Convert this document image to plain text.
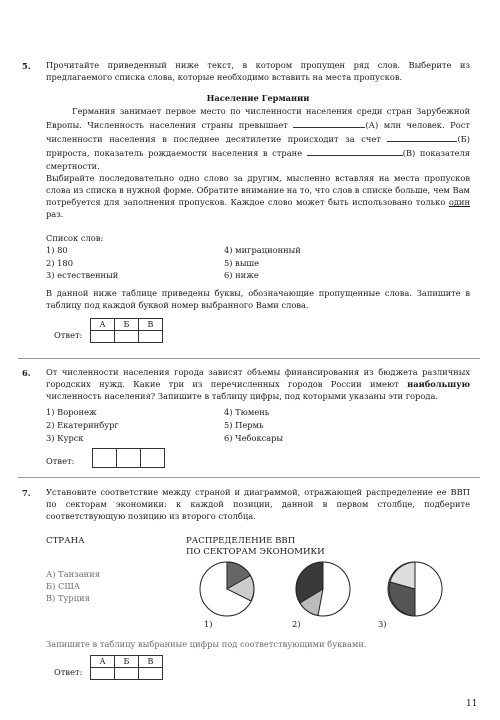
5. Прочитайте приведенный ниже текст, в котором пропущен ряд слов. Выберите из предлагаемого списка слова, которые необходимо вставить на места пропусков.
Население Германии
Германия занимает первое место по численности населения среди стран Зарубежной Европы. Численность населения страны превышает	(А) млн человек. Рост численности населения в последнее десятилетие происходит за счет	(Б) прироста, показатель рождаемости населения в стране	(В) показателя смертности.
Выбирайте последовательно одно слово за другим, мысленно вставляя на места пропусков слова из списка в нужной форме. Обратите внимание на то, что слов в списке больше, чем Вам потребуется для заполнения пропусков. Каждое слово может быть использовано только один раз.
Список слов:
1) 80
2) 180
3) естественный
4) миграционный
5) выше
6) ниже
В данной ниже таблице приведены буквы, обозначающие пропущенные слова. Запишите в таблицу под каждой буквой номер выбранного Вами слова.
Ответ:
А	Б	В

6. От численности населения города зависят объемы финансирования из бюджета различных городских нужд. Какие три из перечисленных городов России имеют наибольшую численность населения? Запишите в таблицу цифры, под которыми указаны эти города.
1) Воронеж
2) Екатеринбург
3) Курск
4) Тюмень
5) Пермь
6) Чебоксары
Ответ:

7. Установите соответствие между страной и диаграммой, отражающей распределение ее ВВП по секторам экономики: к каждой позиции, данной в первом столбце, подберите соответствующую позицию из второго столбца.
СТРАНА	РАСПРЕДЕЛЕНИЕ ВВП
ПО СЕКТОРАМ ЭКОНОМИКИ
А) Танзания
Б) США
В) Турция
1)	2)	3)
Запишите в таблицу выбранные цифры под соответствующими буквами.
Ответ:
А	Б	В

11
